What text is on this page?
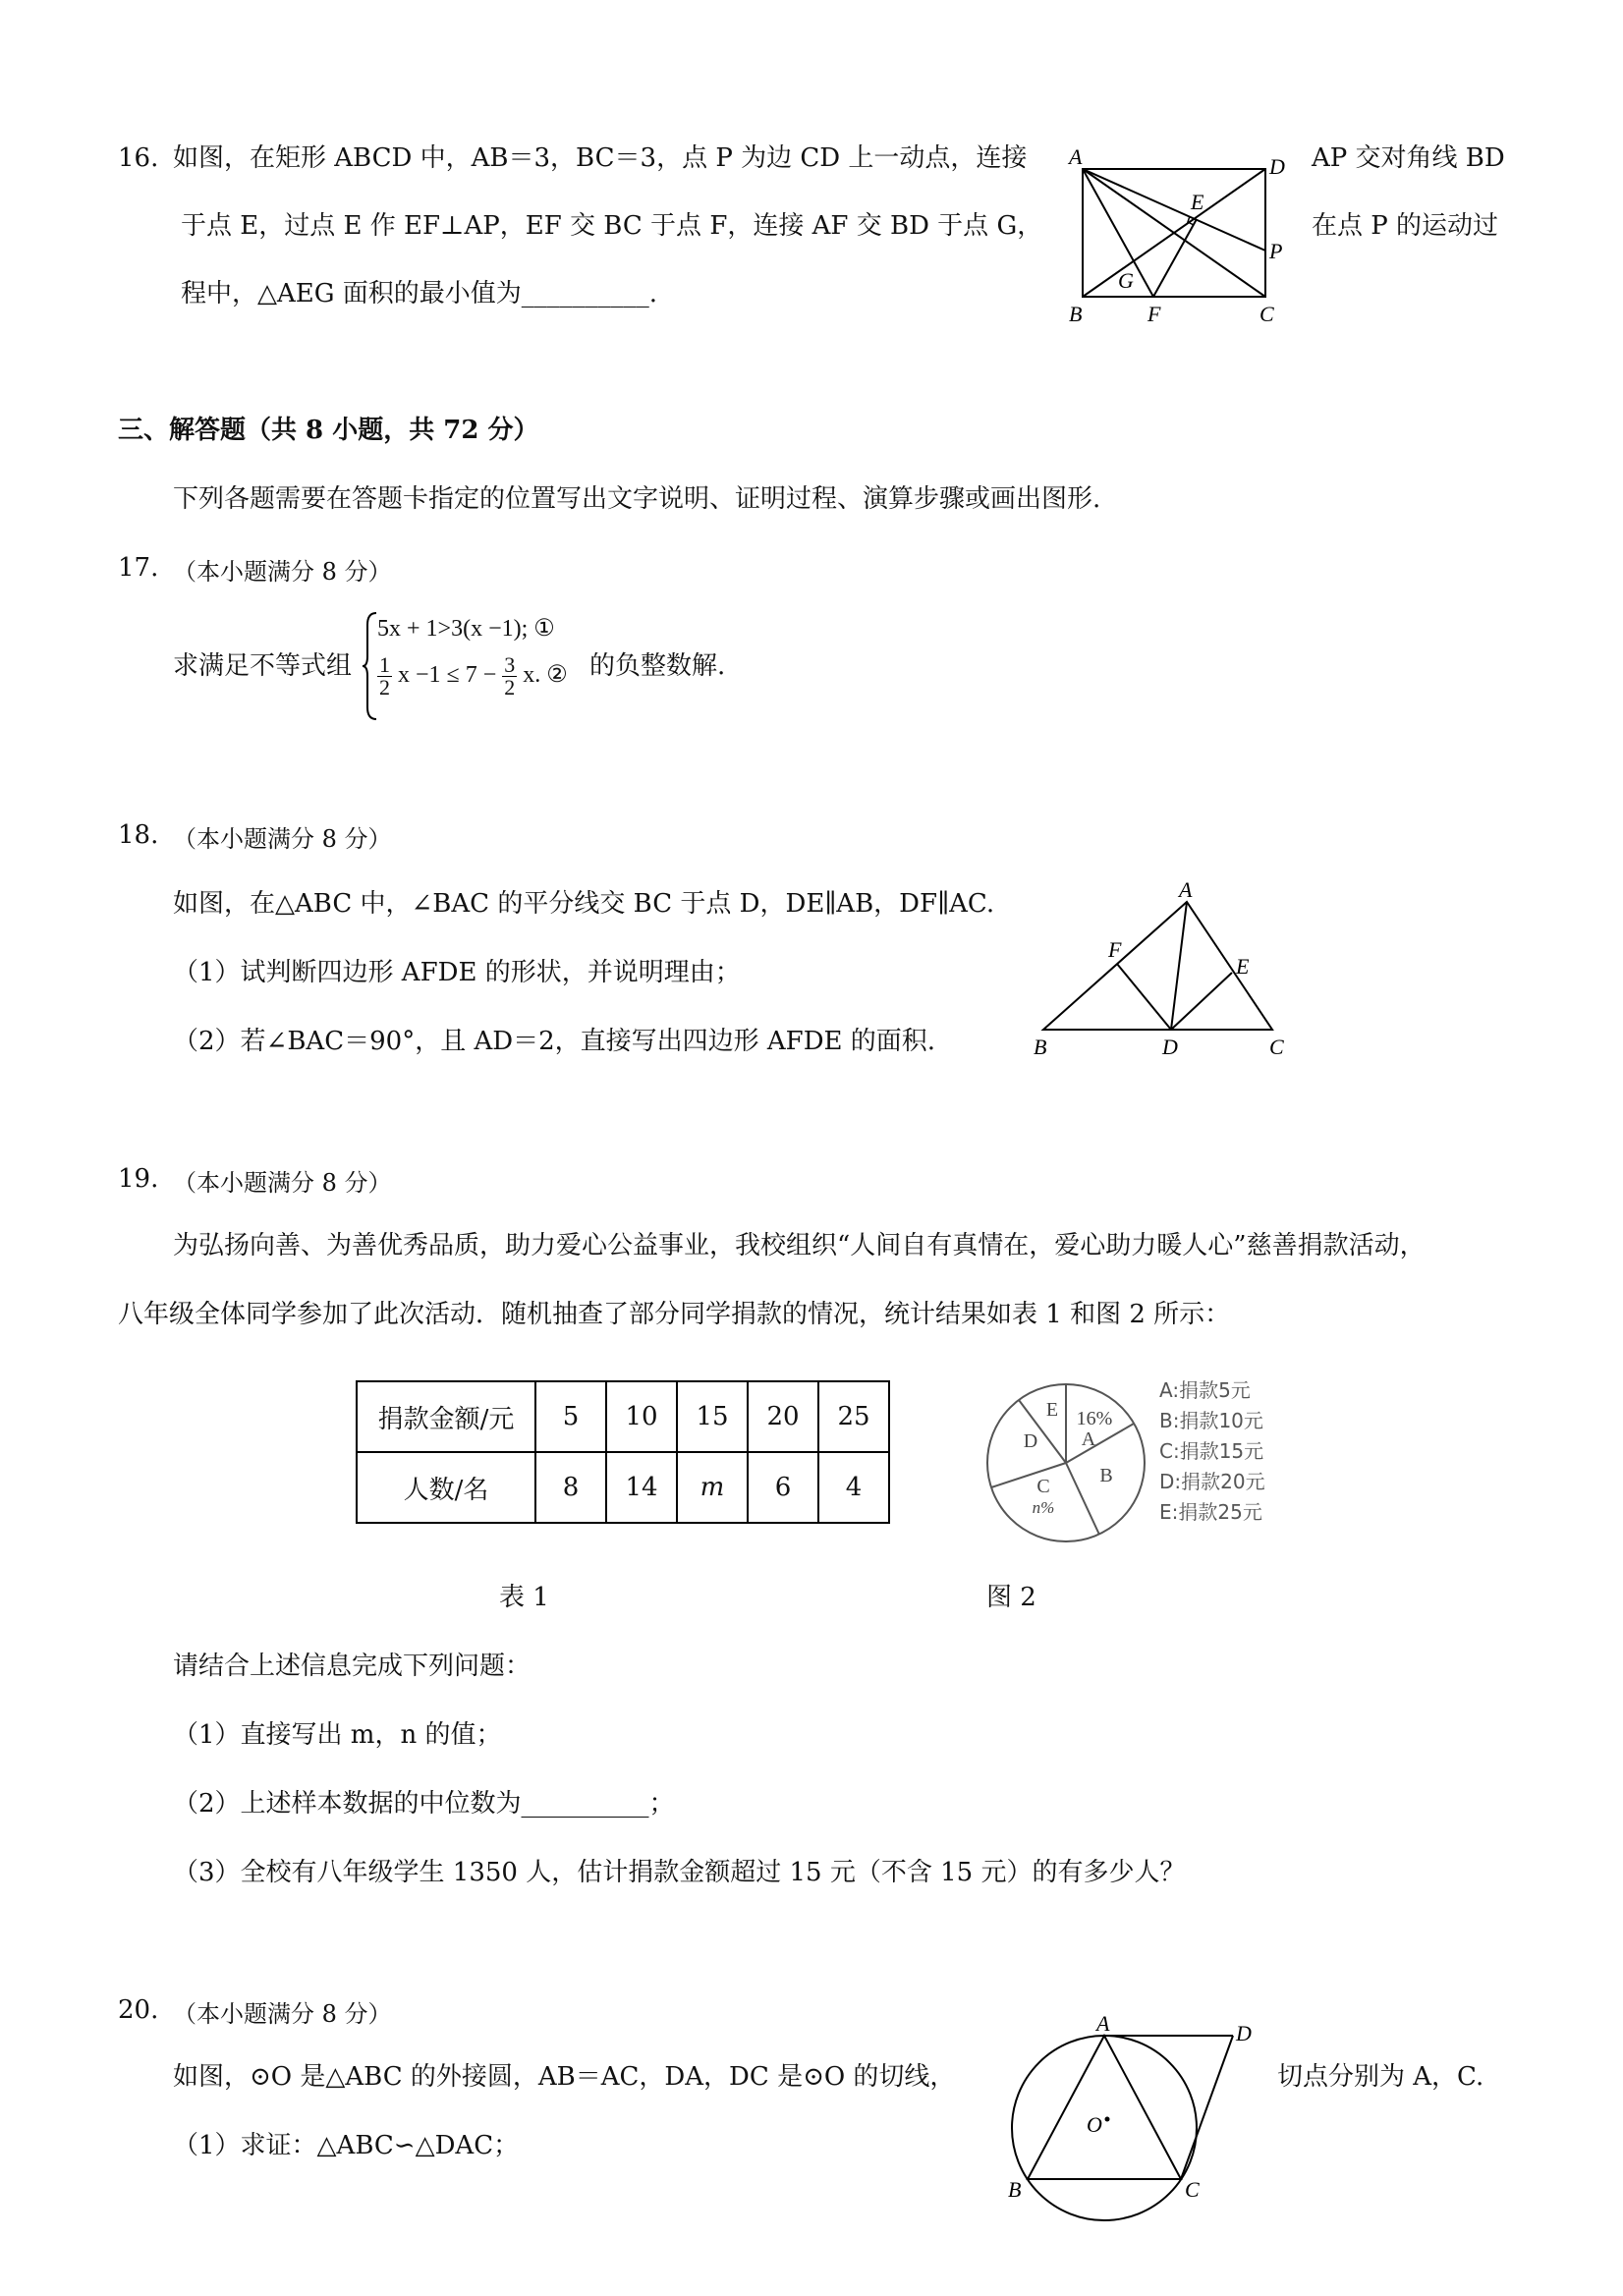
16. 如图，在矩形 ABCD 中，AB＝3，BC＝3，点 P 为边 CD 上一动点，连接	AP 交对角线 BD
于点 E，过点 E 作 EF⊥AP，EF 交 BC 于点 F，连接 AF 交 BD 于点 G，	在点 P 的运动过
程中，△AEG 面积的最小值为__________.
A	D
E
P
G
B	F	C
三、解答题（共 8 小题，共 72 分）
下列各题需要在答题卡指定的位置写出文字说明、证明过程、演算步骤或画出图形.
17. （本小题满分 8 分）
求满足不等式组
5x + 1>3(x −1); ①
$\frac{1}{2}$ $x -1 \le 7 - \frac{3}{2} x$. ② 的负整数解.
18. （本小题满分 8 分）
如图，在△ABC 中，∠BAC 的平分线交 BC 于点 D，DE∥AB，DF∥AC.
（1）试判断四边形 AFDE 的形状，并说明理由；
（2）若∠BAC＝90°，且 AD＝2，直接写出四边形 AFDE 的面积.
A
F
E
B	D	C
19. （本小题满分 8 分）
为弘扬向善、为善优秀品质，助力爱心公益事业，我校组织“人间自有真情在，爱心助力暖人心”慈善捐款活动，
八年级全体同学参加了此次活动．随机抽查了部分同学捐款的情况，统计结果如表 1 和图 2 所示：
捐款金额/元	5	10	15	20	25
人数/名	8	14	m	6	4
16%
A
B
C
n%
D
E
A:捐款5元
B:捐款10元
C:捐款15元
D:捐款20元
E:捐款25元
表 1	图 2
请结合上述信息完成下列问题：
（1）直接写出 m，n 的值；
（2）上述样本数据的中位数为__________；
（3）全校有八年级学生 1350 人，估计捐款金额超过 15 元（不含 15 元）的有多少人？
20. （本小题满分 8 分）
如图，⊙O 是△ABC 的外接圆，AB＝AC，DA，DC 是⊙O 的切线，	切点分别为 A，C.
（1）求证：△ABC∽△DAC；
A	D
O
B	C
